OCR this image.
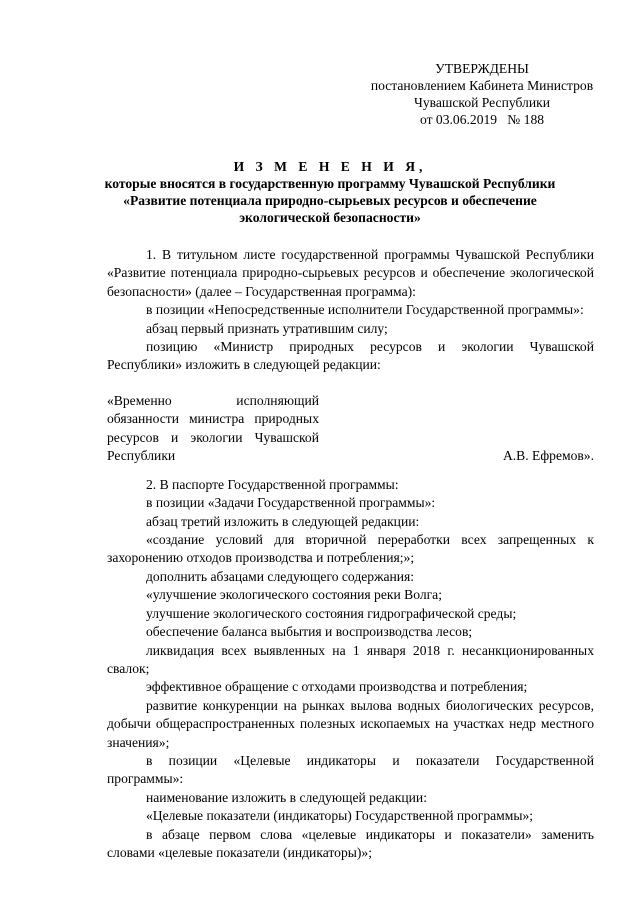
УТВЕРЖДЕНЫ
постановлением Кабинета Министров
Чувашской Республики
от 03.06.2019   № 188
И З М Е Н Е Н И Я,
которые вносятся в государственную программу Чувашской Республики
«Развитие потенциала природно-сырьевых ресурсов и обеспечение
экологической безопасности»

1. В титульном листе государственной программы Чувашской Республики «Развитие потенциала природно-сырьевых ресурсов и обеспечение экологической безопасности» (далее – Государственная программа):

в позиции «Непосредственные исполнители Государственной программы»:

абзац первый признать утратившим силу;

позицию «Министр природных ресурсов и экологии Чувашской Республики» изложить в следующей редакции:

«Временно исполняющий обязанности министра природных ресурсов и экологии Чувашской Республики	А.В. Ефремов».

2. В паспорте Государственной программы:

в позиции «Задачи Государственной программы»:

абзац третий изложить в следующей редакции:

«создание условий для вторичной переработки всех запрещенных к захоронению отходов производства и потребления;»;

дополнить абзацами следующего содержания:

«улучшение экологического состояния реки Волга;

улучшение экологического состояния гидрографической среды;

обеспечение баланса выбытия и воспроизводства лесов;

ликвидация всех выявленных на 1 января 2018 г. несанкционированных свалок;

эффективное обращение с отходами производства и потребления;

развитие конкуренции на рынках вылова водных биологических ресурсов, добычи общераспространенных полезных ископаемых на участках недр местного значения»;

в позиции «Целевые индикаторы и показатели Государственной программы»:

наименование изложить в следующей редакции:

«Целевые показатели (индикаторы) Государственной программы»;

в абзаце первом слова «целевые индикаторы и показатели» заменить словами «целевые показатели (индикаторы)»;
